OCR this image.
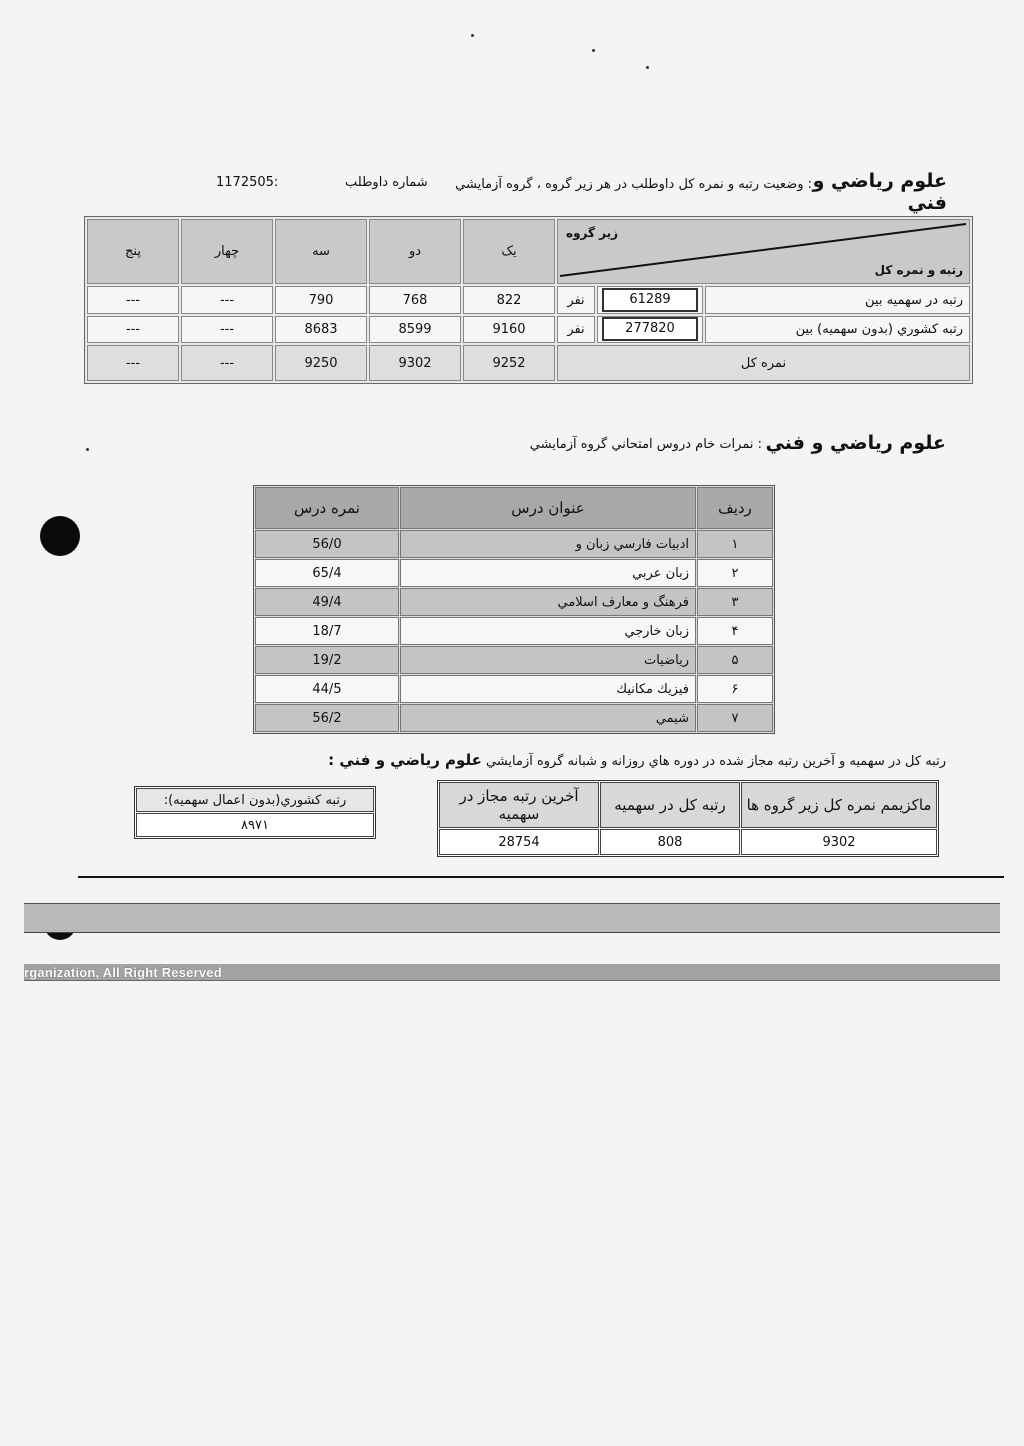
علوم رياضي و
فني
: وضعيت رتبه و نمره كل داوطلب در هر زير گروه ، گروه آزمايشي
شماره داوطلب
1172505:
پنج	چهار	سه	دو	يک	زير گروه
رتبه و نمره كل		

---	---	790	768	822	نفر	61289	رتبه در سهميه بين
---	---	8683	8599	9160	نفر	277820	رتبه كشوري (بدون سهميه) بين
---	---	9250	9302	9252	نمره كل		
علوم رياضي و فني
: نمرات خام دروس امتحاني گروه آزمايشي
نمره درس	عنوان درس	رديف
56/0	ادبيات فارسي زبان و	۱
65/4	زبان عربي	۲
49/4	فرهنگ و معارف اسلامي	۳
18/7	زبان خارجي	۴
19/2	رياضيات	۵
44/5	فيزيك مكانيك	۶
56/2	شيمي	۷
رتبه كل در سهميه و آخرين رتبه مجاز شده در دوره هاي روزانه و شبانه گروه آزمايشي علوم رياضي و فني :
آخرين رتبه مجاز در سهميه	رتبه كل در سهميه	ماكزيمم نمره كل زير گروه ها
28754	808	9302
:(بدون اعمال سهميه)رتبه كشوري
۸۹۷۱
rganization, All Right Reserved
